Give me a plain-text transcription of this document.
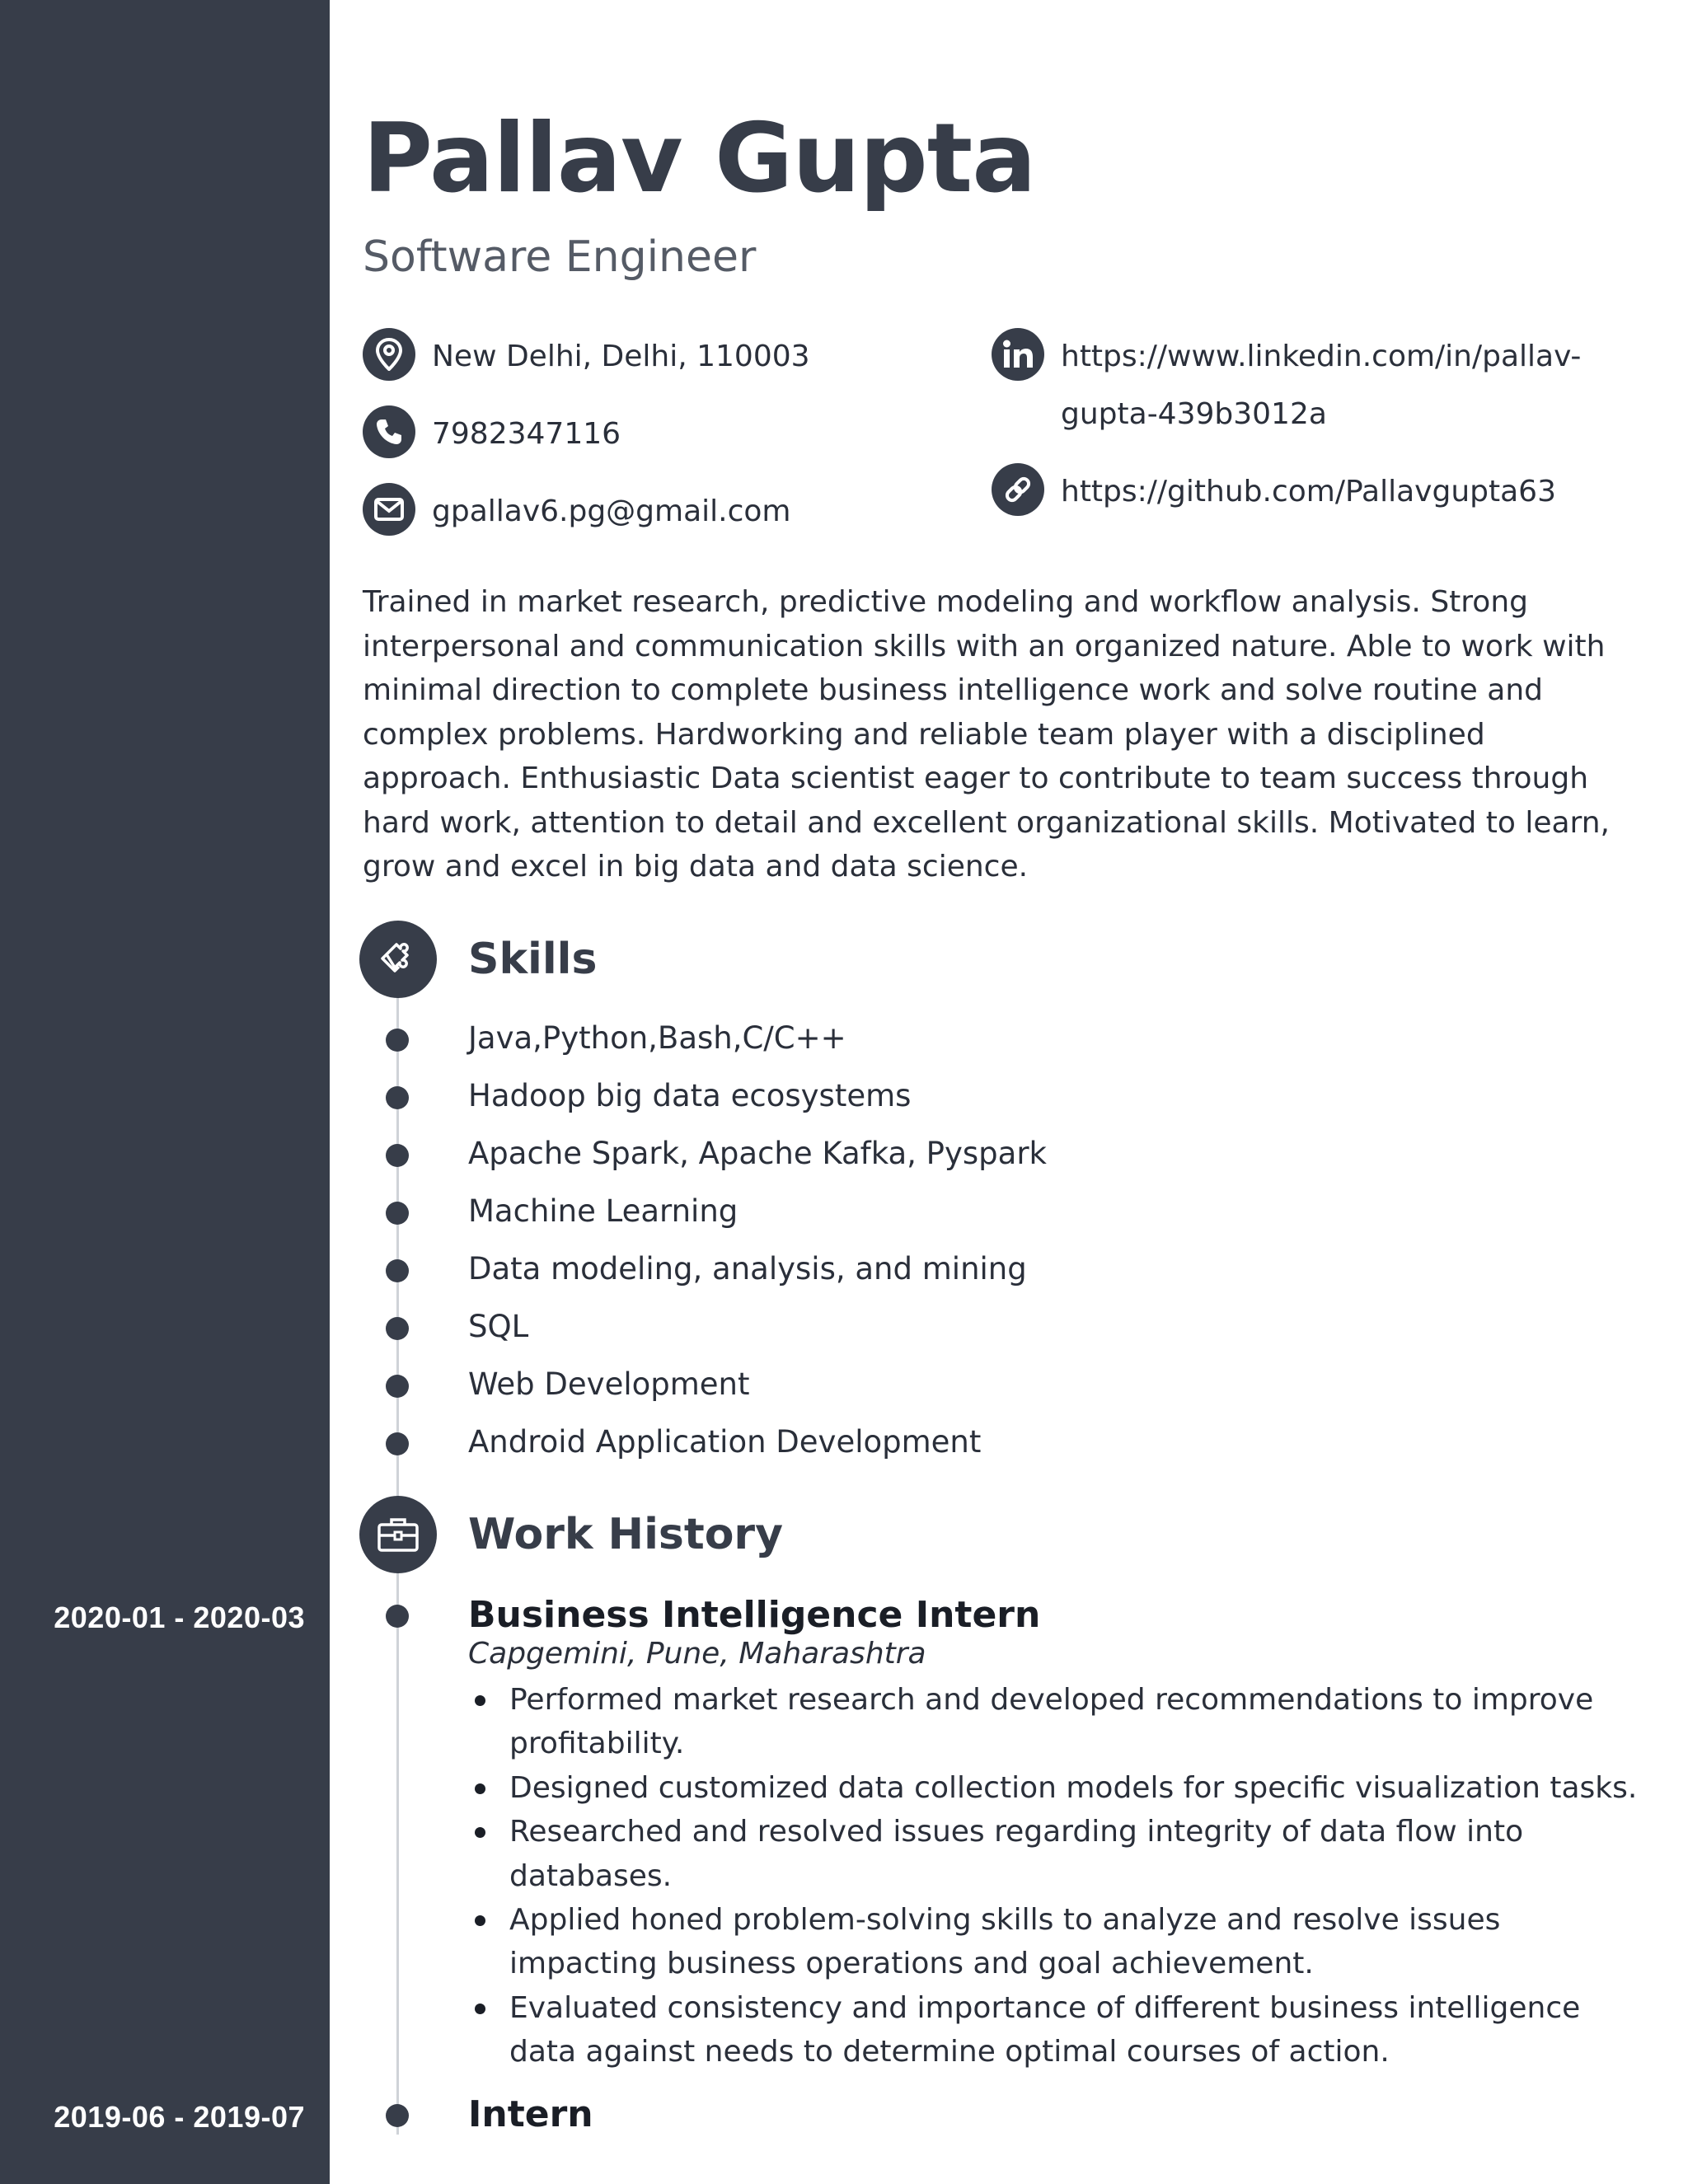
2020-01 - 2020-03
2019-06 - 2019-07
Pallav Gupta
Software Engineer
New Delhi, Delhi, 110003
7982347116
gpallav6.pg@gmail.com
https://www.linkedin.com/in/pallav-
gupta-439b3012a
https://github.com/Pallavgupta63
Trained in market research, predictive modeling and workflow analysis. Strong interpersonal and communication skills with an organized nature. Able to work with minimal direction to complete business intelligence work and solve routine and complex problems. Hardworking and reliable team player with a disciplined approach. Enthusiastic Data scientist eager to contribute to team success through hard work, attention to detail and excellent organizational skills. Motivated to learn, grow and excel in big data and data science.
Skills
Java,Python,Bash,C/C++
Hadoop big data ecosystems
Apache Spark, Apache Kafka, Pyspark
Machine Learning
Data modeling, analysis, and mining
SQL
Web Development
Android Application Development
Work History
Business Intelligence Intern
Capgemini, Pune, Maharashtra
Performed market research and developed recommendations to improve profitability.
Designed customized data collection models for specific visualization tasks.
Researched and resolved issues regarding integrity of data flow into databases.
Applied honed problem-solving skills to analyze and resolve issues impacting business operations and goal achievement.
Evaluated consistency and importance of different business intelligence data against needs to determine optimal courses of action.
Intern
